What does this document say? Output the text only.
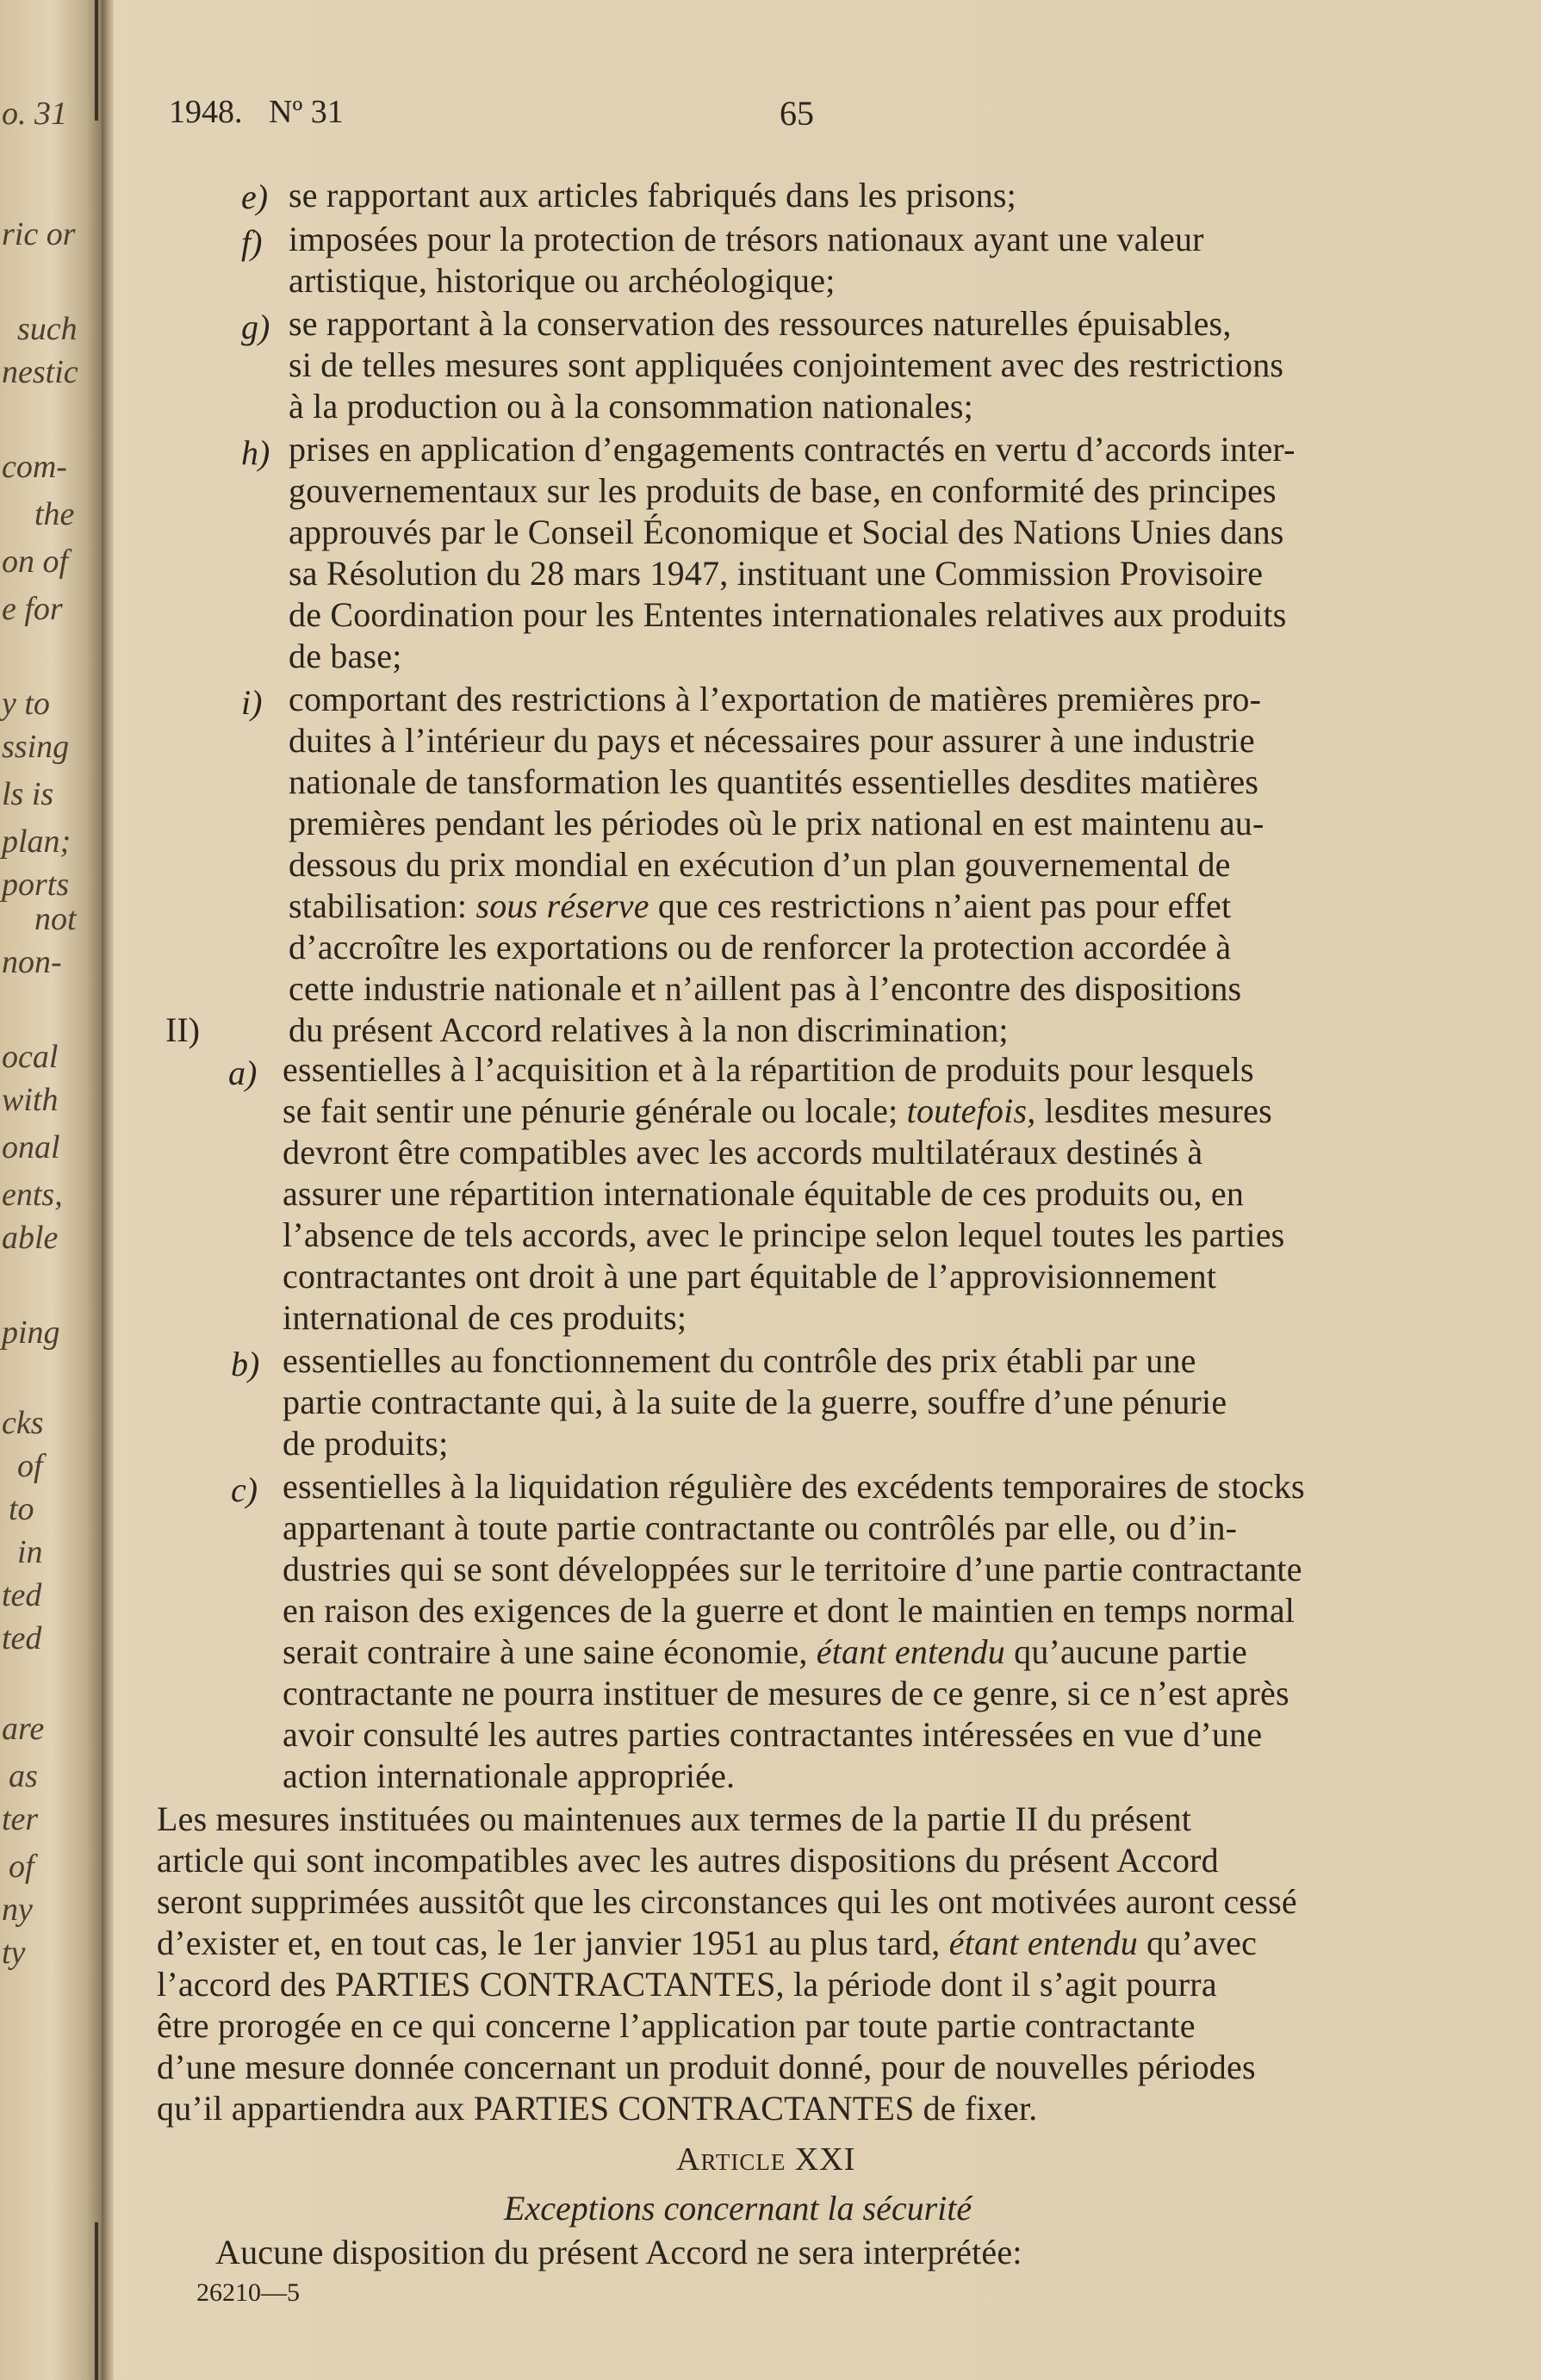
o. 31
ric or
such
nestic
com-
the
on of
e for
y to
ssing
ls is
plan;
ports
not
non-
ocal
with
onal
ents,
able
ping
cks
of
to
in
ted
ted
are
as
ter
of
ny
ty
1948. Nº 31	65
e) se rapportant aux articles fabriqués dans les prisons;
f) imposées pour la protection de trésors nationaux ayant une valeur
artistique, historique ou archéologique;
g) se rapportant à la conservation des ressources naturelles épuisables,
si de telles mesures sont appliquées conjointement avec des restrictions
à la production ou à la consommation nationales;
h) prises en application d’engagements contractés en vertu d’accords inter-
gouvernementaux sur les produits de base, en conformité des principes
approuvés par le Conseil Économique et Social des Nations Unies dans
sa Résolution du 28 mars 1947, instituant une Commission Provisoire
de Coordination pour les Ententes internationales relatives aux produits
de base;
i) comportant des restrictions à l’exportation de matières premières pro-
duites à l’intérieur du pays et nécessaires pour assurer à une industrie
nationale de tansformation les quantités essentielles desdites matières
premières pendant les périodes où le prix national en est maintenu au-
dessous du prix mondial en exécution d’un plan gouvernemental de
stabilisation: sous réserve que ces restrictions n’aient pas pour effet
d’accroître les exportations ou de renforcer la protection accordée à
cette industrie nationale et n’aillent pas à l’encontre des dispositions
du présent Accord relatives à la non discrimination;
II)
a) essentielles à l’acquisition et à la répartition de produits pour lesquels
se fait sentir une pénurie générale ou locale; toutefois, lesdites mesures
devront être compatibles avec les accords multilatéraux destinés à
assurer une répartition internationale équitable de ces produits ou, en
l’absence de tels accords, avec le principe selon lequel toutes les parties
contractantes ont droit à une part équitable de l’approvisionnement
international de ces produits;
b) essentielles au fonctionnement du contrôle des prix établi par une
partie contractante qui, à la suite de la guerre, souffre d’une pénurie
de produits;
c) essentielles à la liquidation régulière des excédents temporaires de stocks
appartenant à toute partie contractante ou contrôlés par elle, ou d’in-
dustries qui se sont développées sur le territoire d’une partie contractante
en raison des exigences de la guerre et dont le maintien en temps normal
serait contraire à une saine économie, étant entendu qu’aucune partie
contractante ne pourra instituer de mesures de ce genre, si ce n’est après
avoir consulté les autres parties contractantes intéressées en vue d’une
action internationale appropriée.
Les mesures instituées ou maintenues aux termes de la partie II du présent
article qui sont incompatibles avec les autres dispositions du présent Accord
seront supprimées aussitôt que les circonstances qui les ont motivées auront cessé
d’exister et, en tout cas, le 1er janvier 1951 au plus tard, étant entendu qu’avec
l’accord des PARTIES CONTRACTANTES, la période dont il s’agit pourra
être prorogée en ce qui concerne l’application par toute partie contractante
d’une mesure donnée concernant un produit donné, pour de nouvelles périodes
qu’il appartiendra aux PARTIES CONTRACTANTES de fixer.
Article XXI
Exceptions concernant la sécurité
Aucune disposition du présent Accord ne sera interprétée:
26210—5
